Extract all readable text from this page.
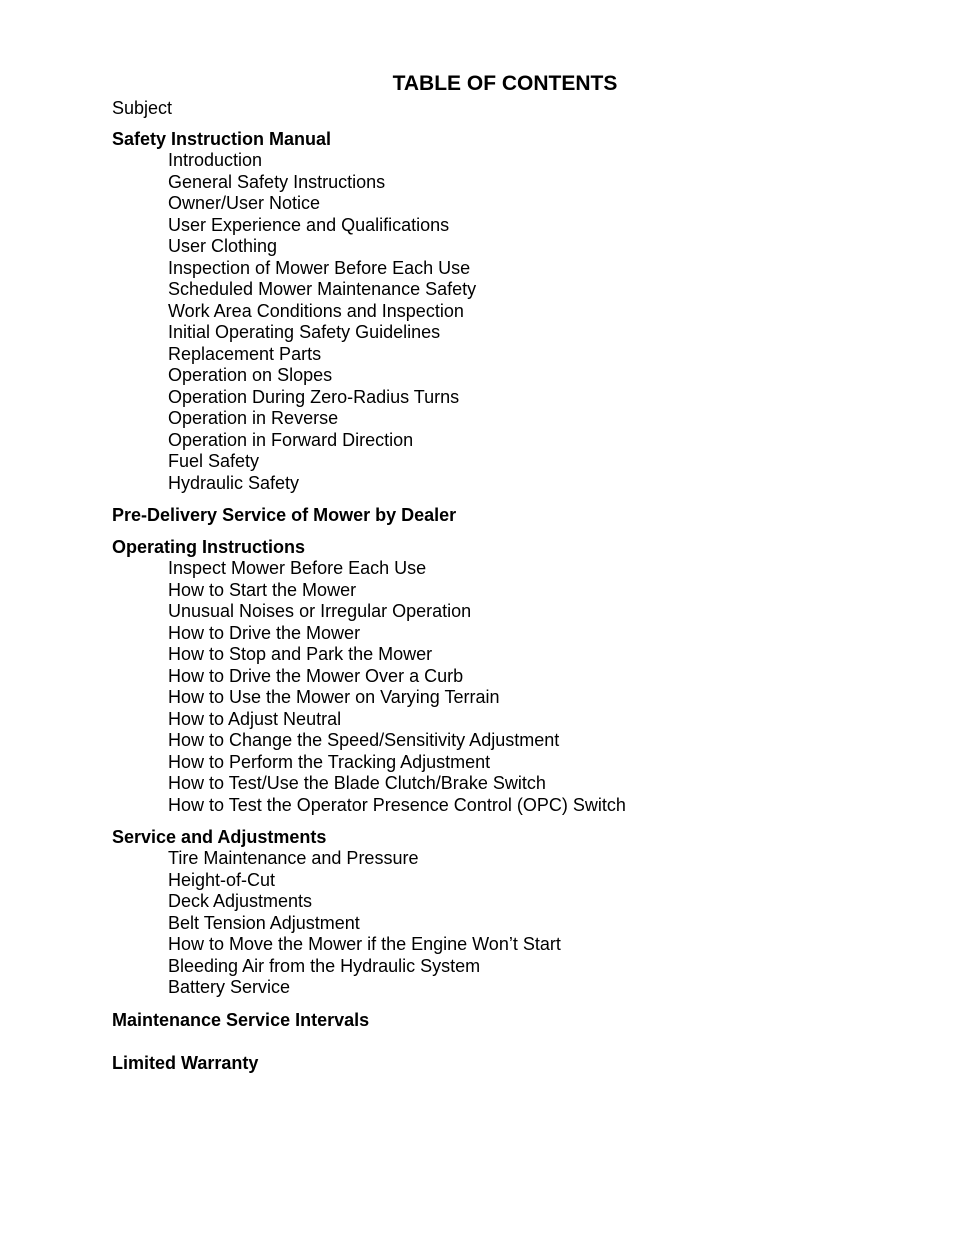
TABLE OF CONTENTS

Subject

Safety Instruction Manual
Introduction
General Safety Instructions
Owner/User Notice
User Experience and Qualifications
User Clothing
Inspection of Mower Before Each Use
Scheduled Mower Maintenance Safety
Work Area Conditions and Inspection
Initial Operating Safety Guidelines
Replacement Parts
Operation on Slopes
Operation During Zero-Radius Turns
Operation in Reverse
Operation in Forward Direction
Fuel Safety
Hydraulic Safety
Pre-Delivery Service of Mower by Dealer
Operating Instructions
Inspect Mower Before Each Use
How to Start the Mower
Unusual Noises or Irregular Operation
How to Drive the Mower
How to Stop and Park the Mower
How to Drive the Mower Over a Curb
How to Use the Mower on Varying Terrain
How to Adjust Neutral
How to Change the Speed/Sensitivity Adjustment
How to Perform the Tracking Adjustment
How to Test/Use the Blade Clutch/Brake Switch
How to Test the Operator Presence Control (OPC) Switch
Service and Adjustments
Tire Maintenance and Pressure
Height-of-Cut
Deck Adjustments
Belt Tension Adjustment
How to Move the Mower if the Engine Won’t Start
Bleeding Air from the Hydraulic System
Battery Service
Maintenance Service Intervals
Limited Warranty
